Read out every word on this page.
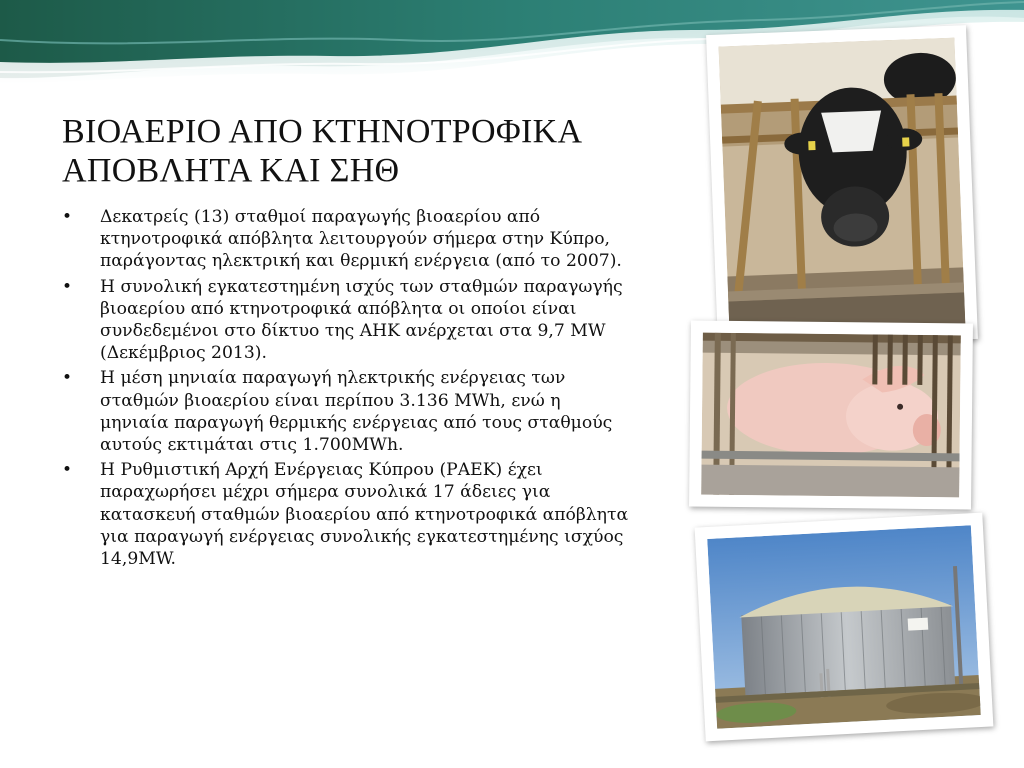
ΒΙΟΑΕΡΙΟ ΑΠΟ ΚΤΗΝΟΤΡΟΦΙΚΑ
ΑΠΟΒΛΗΤΑ ΚΑΙ ΣΗΘ
• Δεκατρείς (13) σταθμοί παραγωγής βιοαερίου από κτηνοτροφικά απόβλητα λειτουργούν σήμερα στην Κύπρο, παράγοντας ηλεκτρική και θερμική ενέργεια (από το 2007).
• Η συνολική εγκατεστημένη ισχύς των σταθμών παραγωγής βιοαερίου από κτηνοτροφικά απόβλητα οι οποίοι είναι συνδεδεμένοι στο δίκτυο της ΑΗΚ ανέρχεται στα 9,7 MW (Δεκέμβριος 2013).
• Η μέση μηνιαία παραγωγή ηλεκτρικής ενέργειας των σταθμών βιοαερίου είναι περίπου 3.136 MWh, ενώ η μηνιαία παραγωγή θερμικής ενέργειας από τους σταθμούς αυτούς εκτιμάται στις 1.700MWh.
• Η Ρυθμιστική Αρχή Ενέργειας Κύπρου (ΡΑΕΚ) έχει παραχωρήσει μέχρι σήμερα συνολικά 17 άδειες για κατασκευή σταθμών βιοαερίου από κτηνοτροφικά απόβλητα για παραγωγή ενέργειας συνολικής εγκατεστημένης ισχύος 14,9MW.
